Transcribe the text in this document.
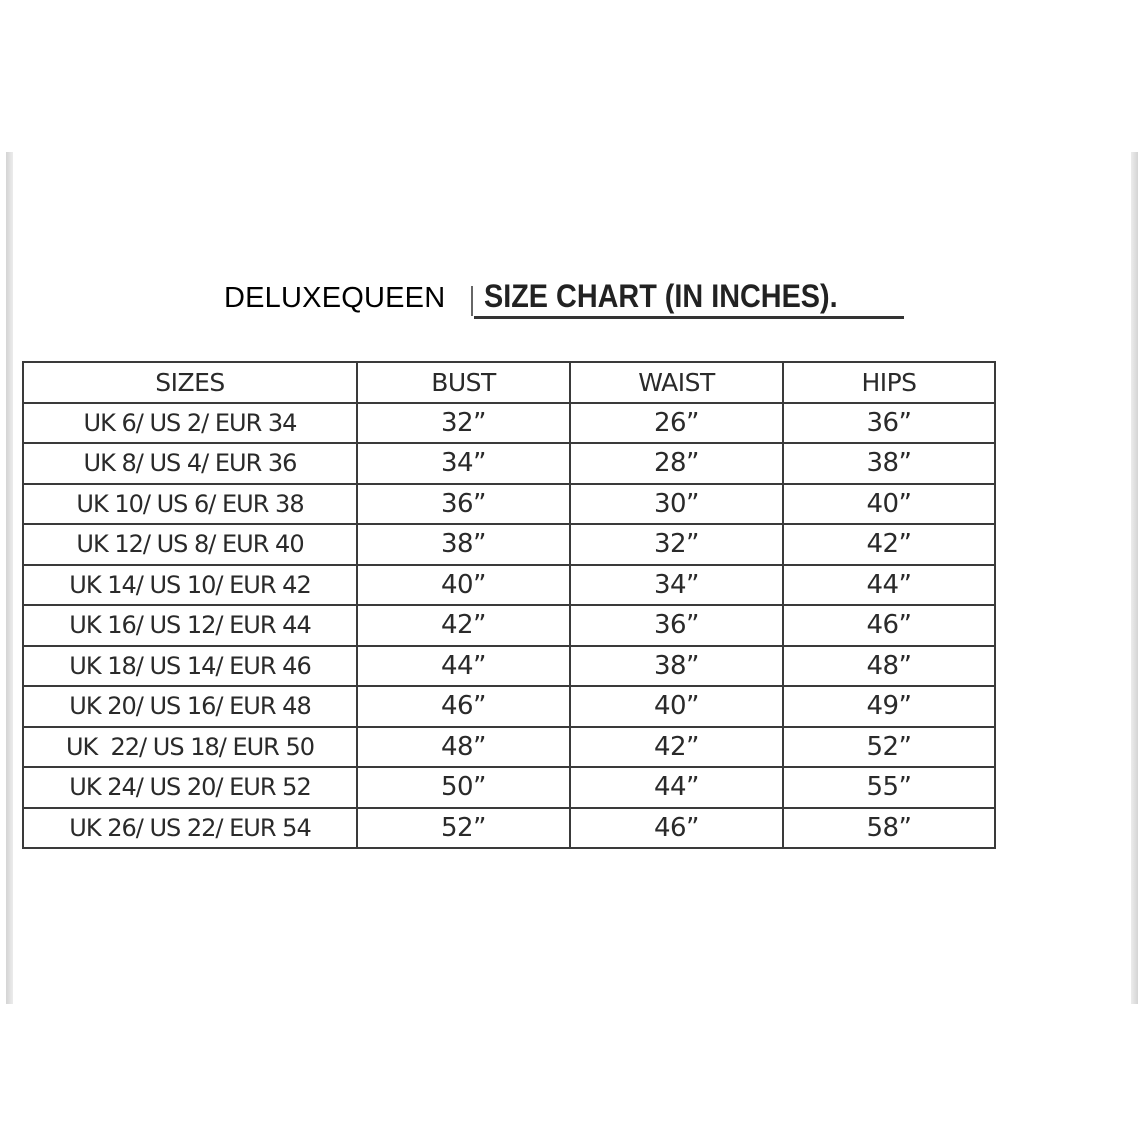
DELUXEQUEEN SIZE CHART (IN INCHES).
SIZES	BUST	WAIST	HIPS
UK 6/ US 2/ EUR 34	32”	26”	36”
UK 8/ US 4/ EUR 36	34”	28”	38”
UK 10/ US 6/ EUR 38	36”	30”	40”
UK 12/ US 8/ EUR 40	38”	32”	42”
UK 14/ US 10/ EUR 42	40”	34”	44”
UK 16/ US 12/ EUR 44	42”	36”	46”
UK 18/ US 14/ EUR 46	44”	38”	48”
UK 20/ US 16/ EUR 48	46”	40”	49”
UK  22/ US 18/ EUR 50	48”	42”	52”
UK 24/ US 20/ EUR 52	50”	44”	55”
UK 26/ US 22/ EUR 54	52”	46”	58”
